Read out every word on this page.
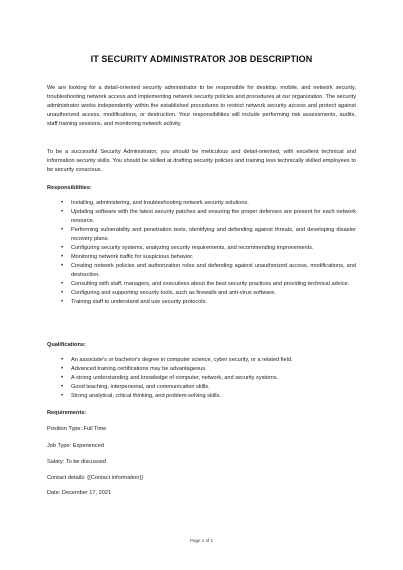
IT SECURITY ADMINISTRATOR JOB DESCRIPTION

We are looking for a detail-oriented security administrator to be responsible for desktop, mobile, and network security, troubleshooting network access and implementing network security policies and procedures at our organization. The security administrator works independently within the established procedures to restrict network security access and protect against unauthorized access, modifications, or destruction. Your responsibilities will include performing risk assessments, audits, staff training sessions, and monitoring network activity.

To be a successful Security Administrator, you should be meticulous and detail-oriented, with excellent technical and information security skills. You should be skilled at drafting security policies and training less technically skilled employees to be security conscious.

Responsibilities:
• Installing, administering, and troubleshooting network security solutions.
• Updating software with the latest security patches and ensuring the proper defenses are present for each network resource.
• Performing vulnerability and penetration tests, identifying and defending against threats, and developing disaster recovery plans.
• Configuring security systems, analyzing security requirements, and recommending improvements.
• Monitoring network traffic for suspicious behavior.
• Creating network policies and authorization roles and defending against unauthorized access, modifications, and destruction.
• Consulting with staff, managers, and executives about the best security practices and providing technical advice.
• Configuring and supporting security tools, such as firewalls and anti-virus software.
• Training staff to understand and use security protocols.
Qualifications:
• An associate's or bachelor's degree in computer science, cyber security, or a related field.
• Advanced training certifications may be advantageous.
• A strong understanding and knowledge of computer, network, and security systems.
• Good teaching, interpersonal, and communication skills.
• Strong analytical, critical thinking, and problem-solving skills.
Requirements:
Position Type: Full Time
Job Type: Experienced
Salary: To be discussed
Contact details: {{Contact information}}
Date: December 17, 2021
Page 1 of 1
